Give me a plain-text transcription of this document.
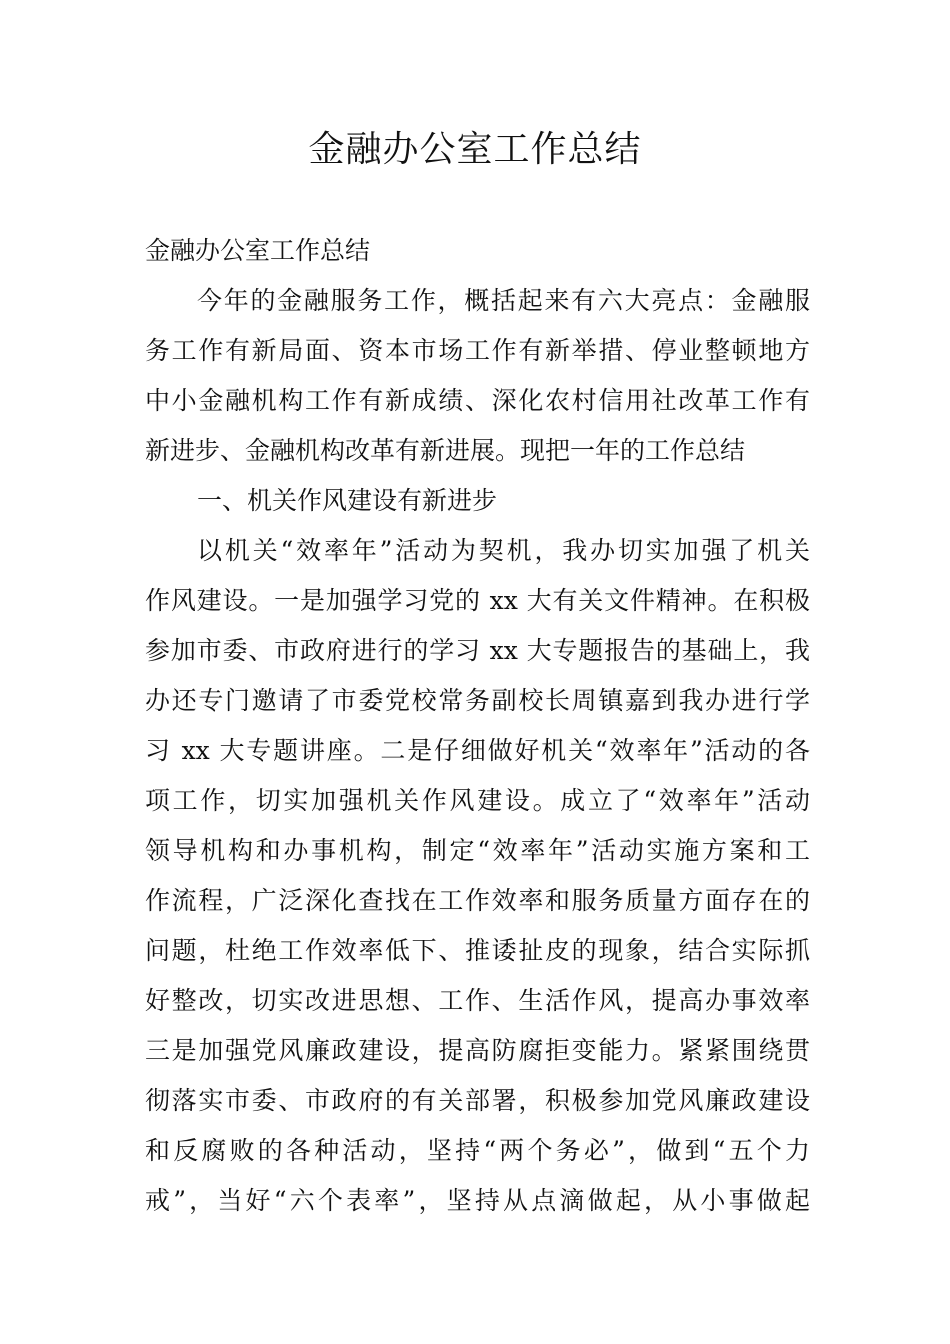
金融办公室工作总结
金融办公室工作总结
今年的金融服务工作，概括起来有六大亮点：金融服
务工作有新局面、资本市场工作有新举措、停业整顿地方
中小金融机构工作有新成绩、深化农村信用社改革工作有
新进步、金融机构改革有新进展。现把一年的工作总结
一、机关作风建设有新进步
以机关“效率年”活动为契机，我办切实加强了机关
作风建设。一是加强学习党的 xx 大有关文件精神。在积极
参加市委、市政府进行的学习 xx 大专题报告的基础上，我
办还专门邀请了市委党校常务副校长周镇嘉到我办进行学
习 xx 大专题讲座。二是仔细做好机关“效率年”活动的各
项工作，切实加强机关作风建设。成立了“效率年”活动
领导机构和办事机构，制定“效率年”活动实施方案和工
作流程，广泛深化查找在工作效率和服务质量方面存在的
问题，杜绝工作效率低下、推诿扯皮的现象，结合实际抓
好整改，切实改进思想、工作、生活作风，提高办事效率
三是加强党风廉政建设，提高防腐拒变能力。紧紧围绕贯
彻落实市委、市政府的有关部署，积极参加党风廉政建设
和反腐败的各种活动，坚持“两个务必”，做到“五个力
戒”，当好“六个表率”，坚持从点滴做起，从小事做起
